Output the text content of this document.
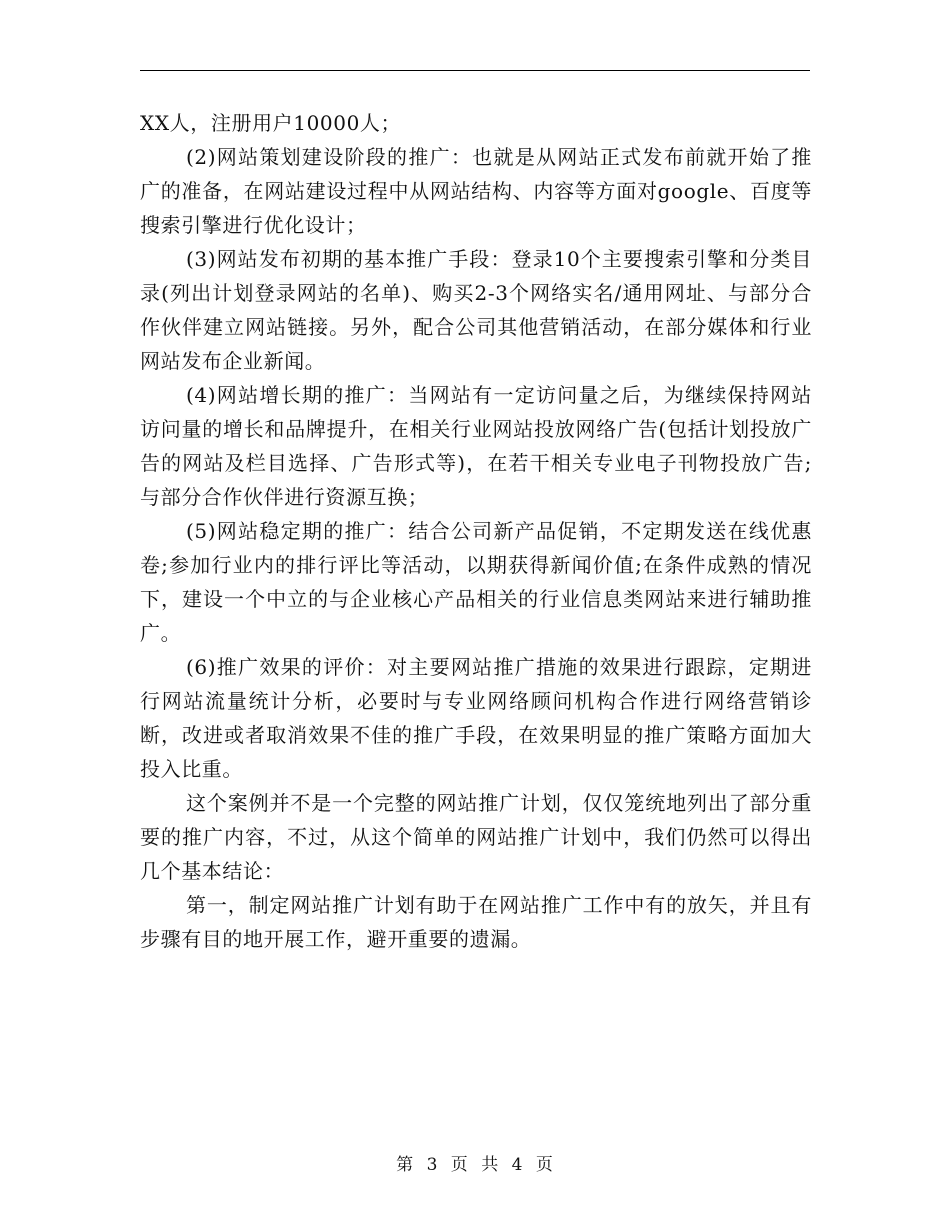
XX人，注册用户10000人；

(2)网站策划建设阶段的推广：也就是从网站正式发布前就开始了推广的准备，在网站建设过程中从网站结构、内容等方面对google、百度等搜索引擎进行优化设计；

(3)网站发布初期的基本推广手段：登录10个主要搜索引擎和分类目录(列出计划登录网站的名单)、购买2-3个网络实名/通用网址、与部分合作伙伴建立网站链接。另外，配合公司其他营销活动，在部分媒体和行业网站发布企业新闻。

(4)网站增长期的推广：当网站有一定访问量之后，为继续保持网站访问量的增长和品牌提升，在相关行业网站投放网络广告(包括计划投放广告的网站及栏目选择、广告形式等)，在若干相关专业电子刊物投放广告;与部分合作伙伴进行资源互换；

(5)网站稳定期的推广：结合公司新产品促销，不定期发送在线优惠卷;参加行业内的排行评比等活动，以期获得新闻价值;在条件成熟的情况下，建设一个中立的与企业核心产品相关的行业信息类网站来进行辅助推广。

(6)推广效果的评价：对主要网站推广措施的效果进行跟踪，定期进行网站流量统计分析，必要时与专业网络顾问机构合作进行网络营销诊断，改进或者取消效果不佳的推广手段，在效果明显的推广策略方面加大投入比重。

这个案例并不是一个完整的网站推广计划，仅仅笼统地列出了部分重要的推广内容，不过，从这个简单的网站推广计划中，我们仍然可以得出几个基本结论：

第一，制定网站推广计划有助于在网站推广工作中有的放矢，并且有步骤有目的地开展工作，避开重要的遗漏。

第 3 页 共 4 页
